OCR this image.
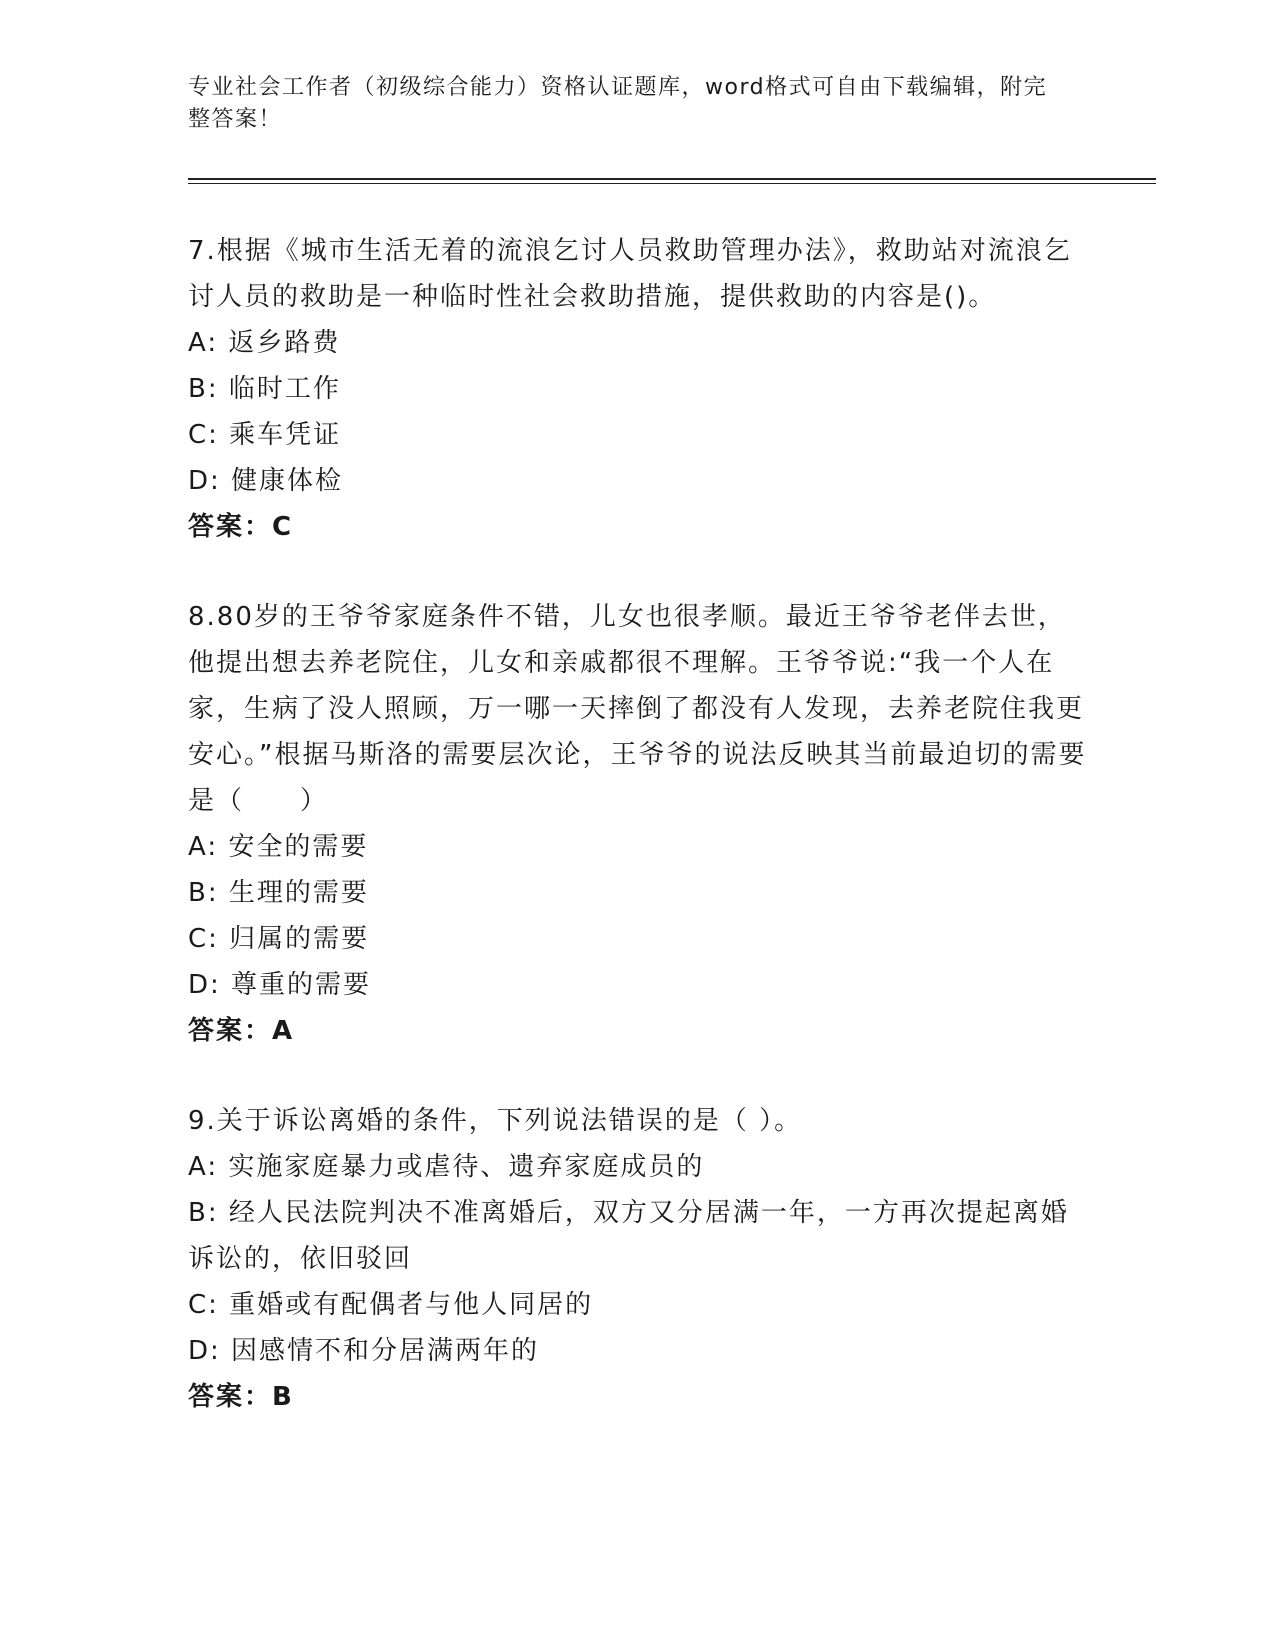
专业社会工作者（初级综合能力）资格认证题库，word格式可自由下载编辑，附完整答案！
7.根据《城市生活无着的流浪乞讨人员救助管理办法》，救助站对流浪乞讨人员的救助是一种临时性社会救助措施，提供救助的内容是()。
A: 返乡路费
B: 临时工作
C: 乘车凭证
D: 健康体检
答案：C
8.80岁的王爷爷家庭条件不错，儿女也很孝顺。最近王爷爷老伴去世，他提出想去养老院住，儿女和亲戚都很不理解。王爷爷说:“我一个人在家，生病了没人照顾，万一哪一天摔倒了都没有人发现，去养老院住我更安心。”根据马斯洛的需要层次论，王爷爷的说法反映其当前最迫切的需要是（　　）
A: 安全的需要
B: 生理的需要
C: 归属的需要
D: 尊重的需要
答案：A
9.关于诉讼离婚的条件，下列说法错误的是（ ）。
A: 实施家庭暴力或虐待、遗弃家庭成员的
B: 经人民法院判决不准离婚后，双方又分居满一年，一方再次提起离婚诉讼的，依旧驳回
C: 重婚或有配偶者与他人同居的
D: 因感情不和分居满两年的
答案：B
